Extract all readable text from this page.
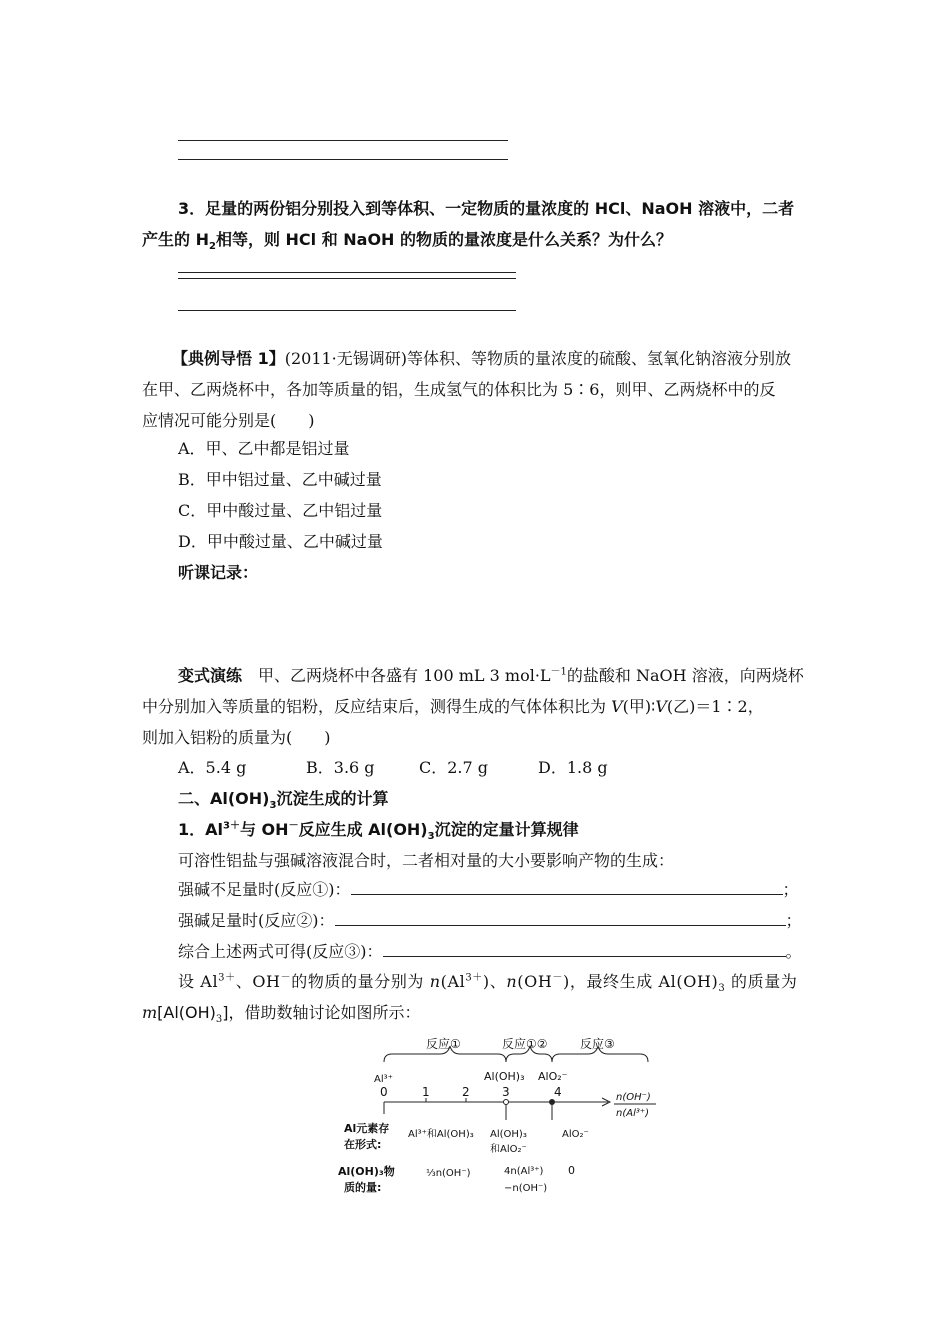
3．足量的两份铝分别投入到等体积、一定物质的量浓度的 HCl、NaOH 溶液中，二者

产生的 $H_2$相等，则 HCl 和 NaOH 的物质的量浓度是什么关系？为什么？

【典例导悟 1】(2011·无锡调研)等体积、等物质的量浓度的硫酸、氢氧化钠溶液分别放

在甲、乙两烧杯中，各加等质量的铝，生成氢气的体积比为 5∶6，则甲、乙两烧杯中的反

应情况可能分别是(　　)

A．甲、乙中都是铝过量
B．甲中铝过量、乙中碱过量
C．甲中酸过量、乙中铝过量
D．甲中酸过量、乙中碱过量
听课记录：

变式演练　 甲、乙两烧杯中各盛有 100 mL 3 $mol\cdot L^{-1}$的盐酸和 NaOH 溶液，向两烧杯

中分别加入等质量的铝粉，反应结束后，测得生成的气体体积比为 V(甲)∶V(乙)＝1∶2，

则加入铝粉的质量为(　　)

A．5.4 g	B．3.6 g	C．2.7 g	D．1.8 g
二、$Al(OH)_3$沉淀生成的计算
1．$Al^{3+}$与 OH－反应生成 $Al(OH)_3$沉淀的定量计算规律
可溶性铝盐与强碱溶液混合时，二者相对量的大小要影响产物的生成：
强碱不足量时(反应①)：	；
强碱足量时(反应②)：	；
综合上述两式可得(反应③)：	。

设 $Al^{3+}$、OH－的物质的量分别为 $n(Al^{3+})$、n(OH－)，最终生成 $Al(OH)_3$ 的质量为

$m[Al(OH)_3]$，借助数轴讨论如图所示：

反应①	反应①②	反应③
Al³⁺	Al(OH)₃ AlO₂⁻
0	1	2	3	4	n(OH⁻)
n(Al³⁺)
Al元素存
在形式:
Al³⁺和Al(OH)₃ Al(OH)₃
和AlO₂⁻
AlO₂⁻
Al(OH)₃物
质的量:
⅓n(OH⁻)	4n(Al³⁺)
−n(OH⁻)
0
